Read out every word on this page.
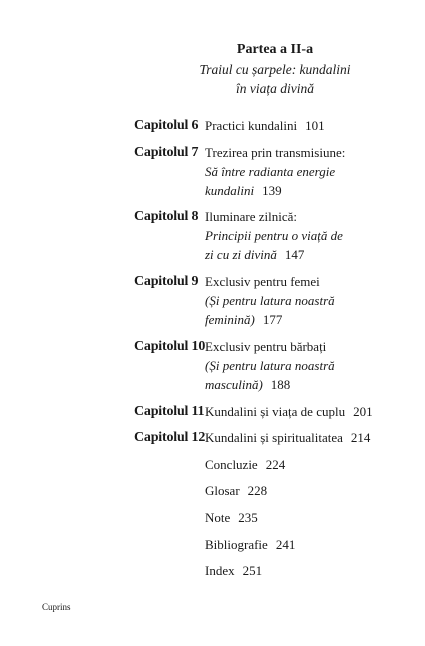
Partea a II-a
Traiul cu șarpele: kundalini
în viața divină
Capitolul 6 Practici kundalini 101
Capitolul 7 Trezirea prin transmisiune:
Să între radianta energie
kundalini 139
Capitolul 8 Iluminare zilnică:
Principii pentru o viață de
zi cu zi divină 147
Capitolul 9 Exclusiv pentru femei
(Și pentru latura noastră
feminină) 177
Capitolul 10 Exclusiv pentru bărbați
(Și pentru latura noastră
masculină) 188
Capitolul 11 Kundalini și viața de cuplu 201
Capitolul 12 Kundalini și spiritualitatea 214
Concluzie 224
Glosar 228
Note 235
Bibliografie 241
Index 251
Cuprins
